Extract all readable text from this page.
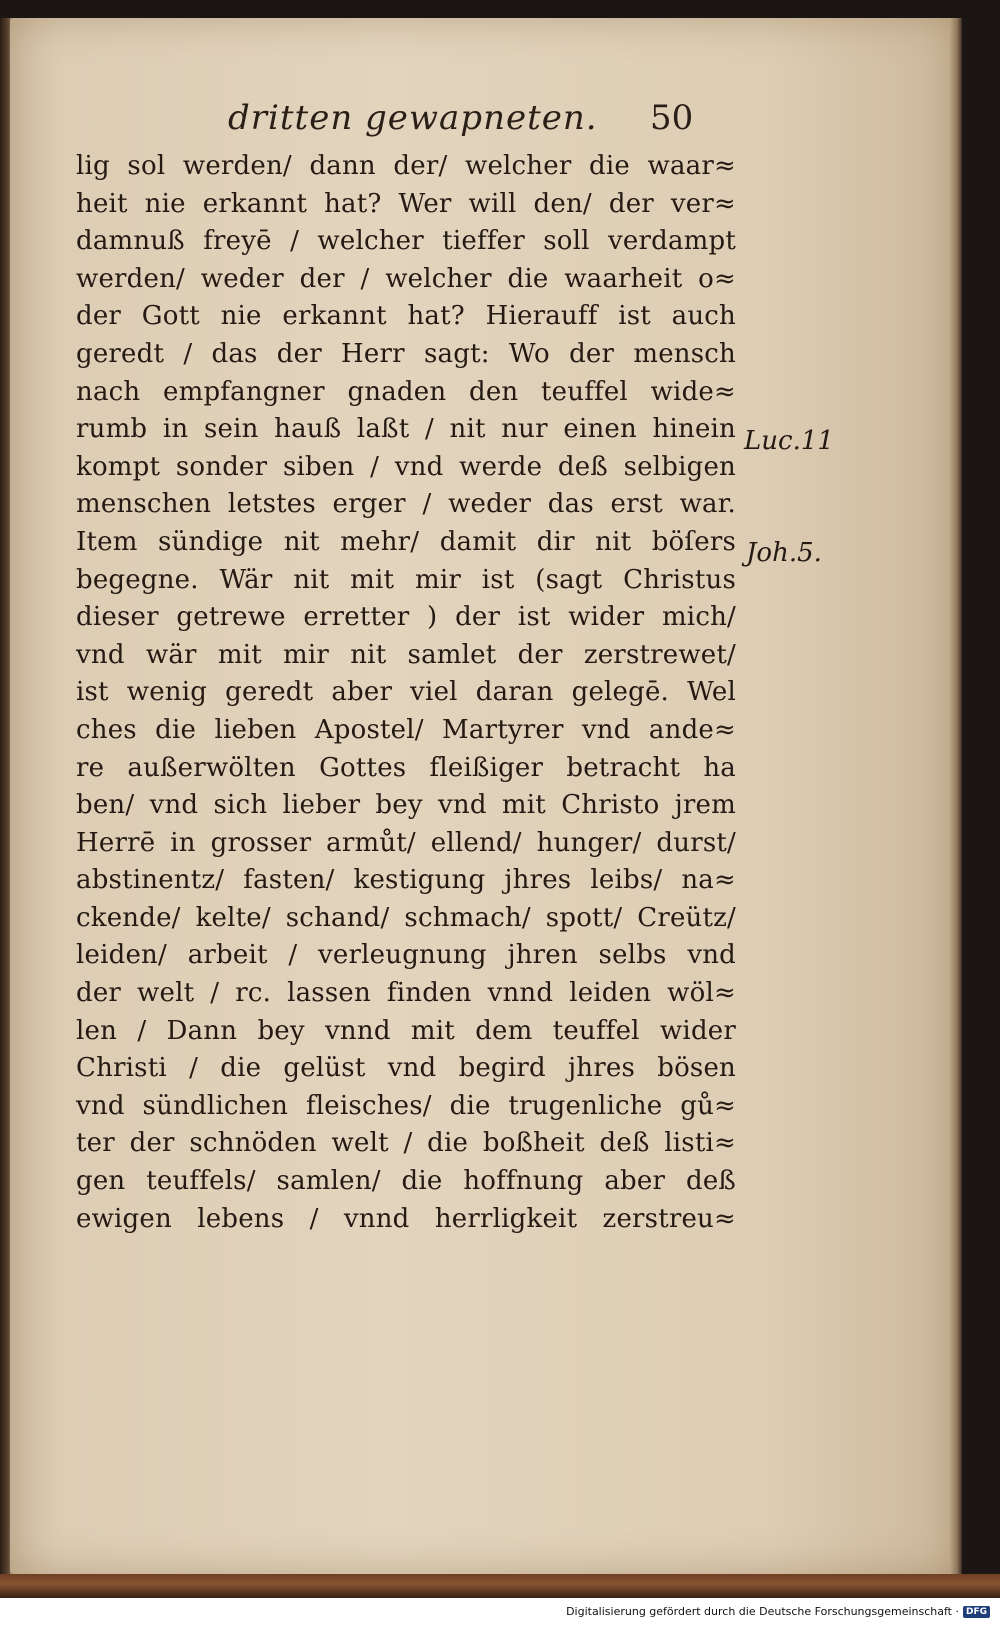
dritten gewapneten. 50
lig sol werden/ dann der/ welcher die waar≈
heit nie erkannt hat? Wer will den/ der ver≈
damnuß freyē / welcher tieffer soll verdampt
werden/ weder der / welcher die waarheit o≈
der Gott nie erkannt hat? Hierauff ist auch
geredt / das der Herr sagt: Wo der mensch
nach empfangner gnaden den teuffel wide≈
rumb in sein hauß laßt / nit nur einen hinein
kompt sonder siben / vnd werde deß selbigen
menschen letstes erger / weder das erst war.
Item sündige nit mehr/ damit dir nit böſers
begegne. Wär nit mit mir ist (sagt Christus
dieser getrewe erretter ) der ist wider mich/
vnd wär mit mir nit samlet der zerstrewet/
ist wenig geredt aber viel daran gelegē. Wel
ches die lieben Apostel/ Martyrer vnd ande≈
re außerwölten Gottes fleißiger betracht ha
ben/ vnd sich lieber bey vnd mit Christo jrem
Herrē in grosser armůt/ ellend/ hunger/ durst/
abstinentz/ fasten/ kestigung jhres leibs/ na≈
ckende/ kelte/ schand/ schmach/ spott/ Creütz/
leiden/ arbeit / verleugnung jhren selbs vnd
der welt / rc. lassen finden vnnd leiden wöl≈
len / Dann bey vnnd mit dem teuffel wider
Christi / die gelüst vnd begird jhres bösen
vnd sündlichen fleisches/ die trugenliche gů≈
ter der schnöden welt / die boßheit deß listi≈
gen teuffels/ samlen/ die hoffnung aber deß
ewigen lebens / vnnd herrligkeit zerstreu≈
Luc.11
Joh.5.
Digitalisierung gefördert durch die Deutsche Forschungsgemeinschaft · DFG
